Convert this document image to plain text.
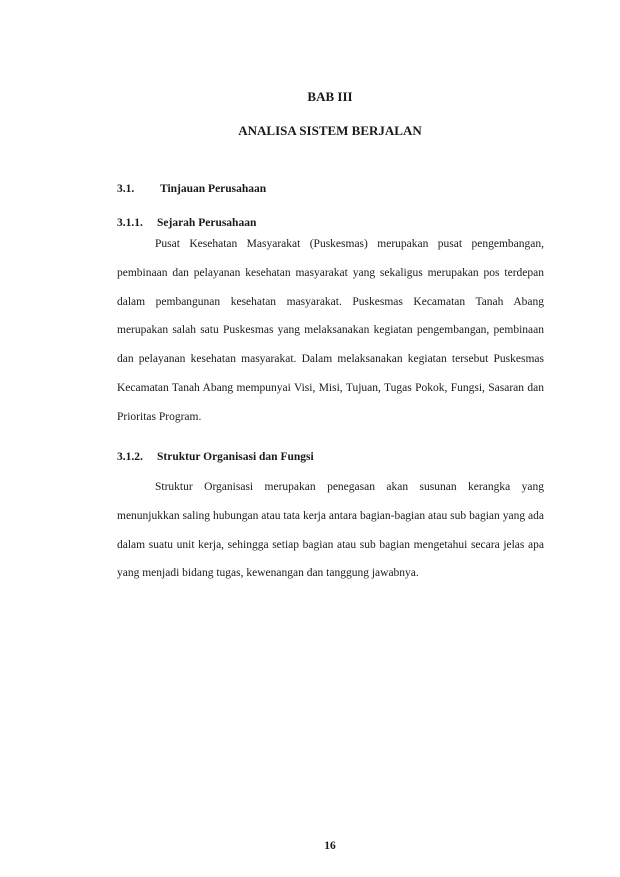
BAB III
ANALISA SISTEM BERJALAN
3.1. Tinjauan Perusahaan
3.1.1. Sejarah Perusahaan

Pusat Kesehatan Masyarakat (Puskesmas) merupakan pusat pengembangan, pembinaan dan pelayanan kesehatan masyarakat yang sekaligus merupakan pos terdepan dalam pembangunan kesehatan masyarakat. Puskesmas Kecamatan Tanah Abang merupakan salah satu Puskesmas yang melaksanakan kegiatan pengembangan, pembinaan dan pelayanan kesehatan masyarakat. Dalam melaksanakan kegiatan tersebut Puskesmas Kecamatan Tanah Abang mempunyai Visi, Misi, Tujuan, Tugas Pokok, Fungsi, Sasaran dan Prioritas Program.

3.1.2. Struktur Organisasi dan Fungsi

Struktur Organisasi merupakan penegasan akan susunan kerangka yang menunjukkan saling hubungan atau tata kerja antara bagian-bagian atau sub bagian yang ada dalam suatu unit kerja, sehingga setiap bagian atau sub bagian mengetahui secara jelas apa yang menjadi bidang tugas, kewenangan dan tanggung jawabnya.

16
